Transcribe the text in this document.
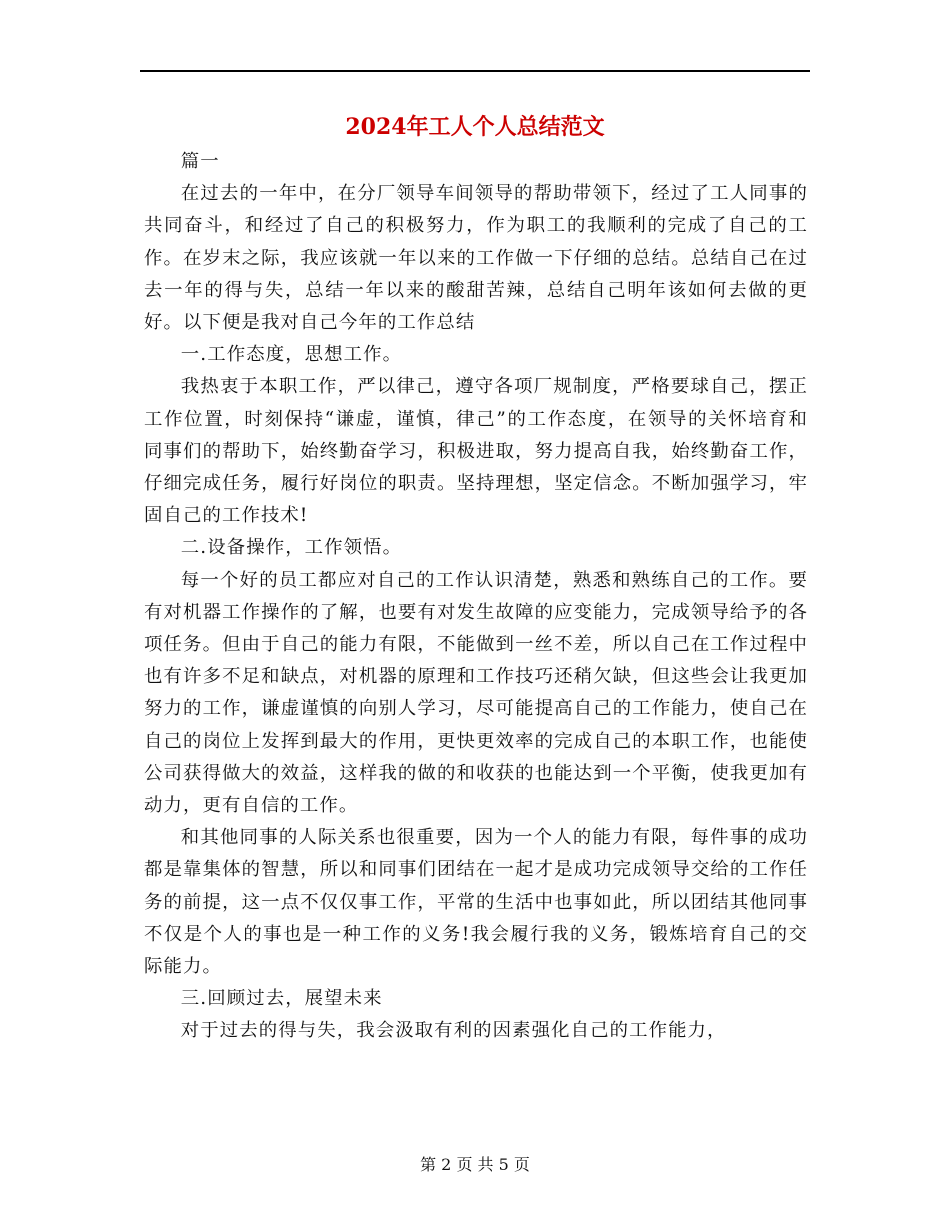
2024年工人个人总结范文

篇一

在过去的一年中，在分厂领导车间领导的帮助带领下，经过了工人同事的共同奋斗，和经过了自己的积极努力，作为职工的我顺利的完成了自己的工作。在岁末之际，我应该就一年以来的工作做一下仔细的总结。总结自己在过去一年的得与失，总结一年以来的酸甜苦辣，总结自己明年该如何去做的更好。以下便是我对自己今年的工作总结

一.工作态度，思想工作。

我热衷于本职工作，严以律己，遵守各项厂规制度，严格要球自己，摆正工作位置，时刻保持“谦虚，谨慎，律己”的工作态度，在领导的关怀培育和同事们的帮助下，始终勤奋学习，积极进取，努力提高自我，始终勤奋工作，仔细完成任务，履行好岗位的职责。坚持理想，坚定信念。不断加强学习，牢固自己的工作技术!

二.设备操作，工作领悟。

每一个好的员工都应对自己的工作认识清楚，熟悉和熟练自己的工作。要有对机器工作操作的了解，也要有对发生故障的应变能力，完成领导给予的各项任务。但由于自己的能力有限，不能做到一丝不差，所以自己在工作过程中也有许多不足和缺点，对机器的原理和工作技巧还稍欠缺，但这些会让我更加努力的工作，谦虚谨慎的向别人学习，尽可能提高自己的工作能力，使自己在自己的岗位上发挥到最大的作用，更快更效率的完成自己的本职工作，也能使公司获得做大的效益，这样我的做的和收获的也能达到一个平衡，使我更加有动力，更有自信的工作。

和其他同事的人际关系也很重要，因为一个人的能力有限，每件事的成功都是靠集体的智慧，所以和同事们团结在一起才是成功完成领导交给的工作任务的前提，这一点不仅仅事工作，平常的生活中也事如此，所以团结其他同事不仅是个人的事也是一种工作的义务!我会履行我的义务，锻炼培育自己的交际能力。

三.回顾过去，展望未来

对于过去的得与失，我会汲取有利的因素强化自己的工作能力，

第 2 页 共 5 页
